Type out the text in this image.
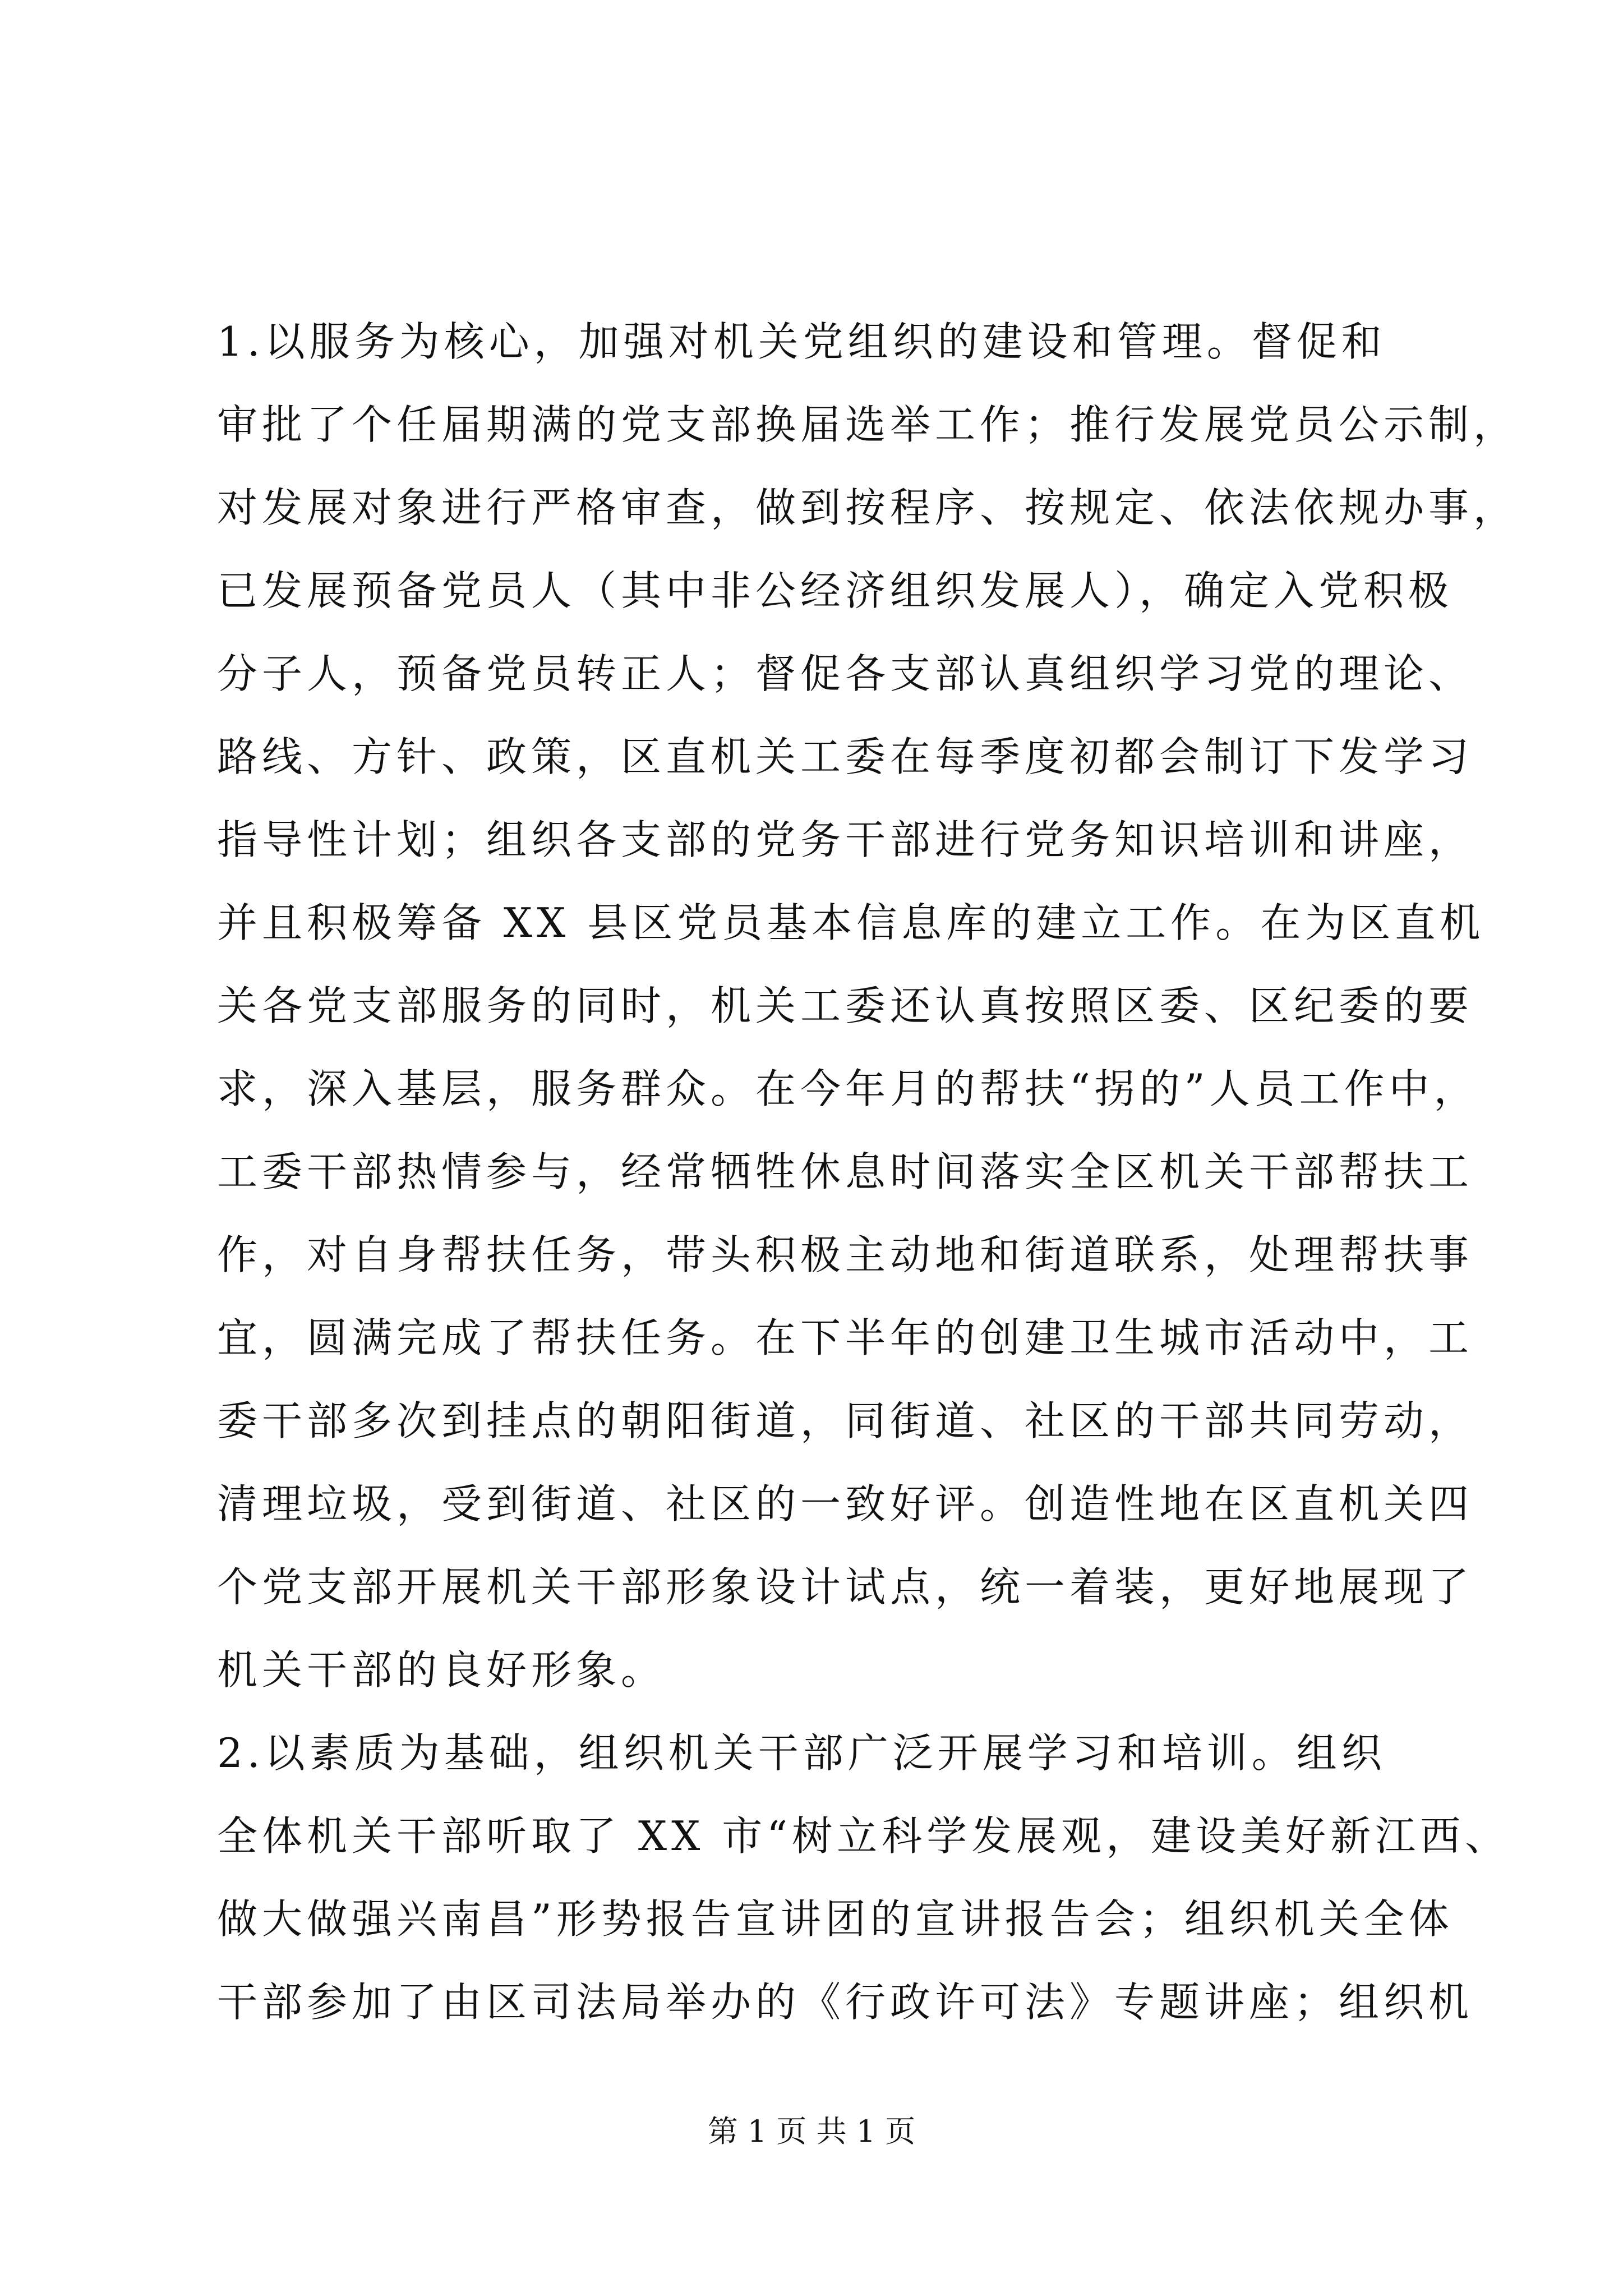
1.以服务为核心，加强对机关党组织的建设和管理。督促和
审批了个任届期满的党支部换届选举工作；推行发展党员公示制，
对发展对象进行严格审查，做到按程序、按规定、依法依规办事，
已发展预备党员人（其中非公经济组织发展人），确定入党积极
分子人，预备党员转正人；督促各支部认真组织学习党的理论、
路线、方针、政策，区直机关工委在每季度初都会制订下发学习
指导性计划；组织各支部的党务干部进行党务知识培训和讲座，
并且积极筹备 XX 县区党员基本信息库的建立工作。在为区直机
关各党支部服务的同时，机关工委还认真按照区委、区纪委的要
求，深入基层，服务群众。在今年月的帮扶“拐的”人员工作中，
工委干部热情参与，经常牺牲休息时间落实全区机关干部帮扶工
作，对自身帮扶任务，带头积极主动地和街道联系，处理帮扶事
宜，圆满完成了帮扶任务。在下半年的创建卫生城市活动中，工
委干部多次到挂点的朝阳街道，同街道、社区的干部共同劳动，
清理垃圾，受到街道、社区的一致好评。创造性地在区直机关四
个党支部开展机关干部形象设计试点，统一着装，更好地展现了
机关干部的良好形象。
2.以素质为基础，组织机关干部广泛开展学习和培训。组织
全体机关干部听取了 XX 市“树立科学发展观，建设美好新江西、
做大做强兴南昌”形势报告宣讲团的宣讲报告会；组织机关全体
干部参加了由区司法局举办的《行政许可法》专题讲座；组织机
第 1 页 共 1 页
